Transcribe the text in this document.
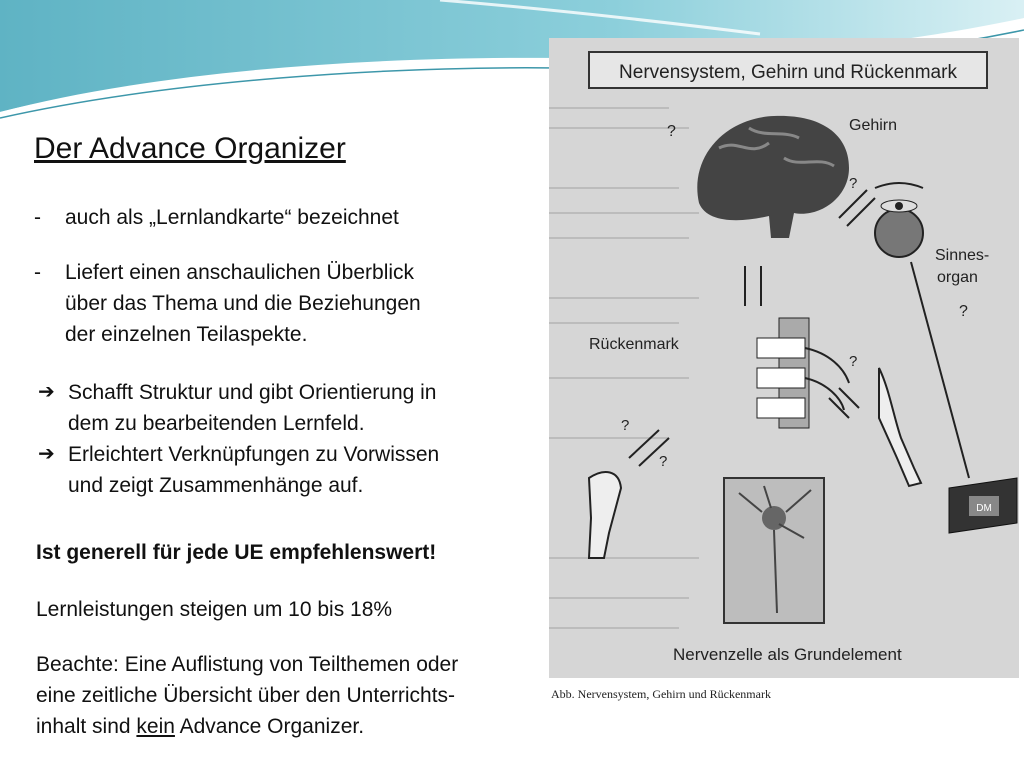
Der Advance Organizer
-	auch als „Lernlandkarte“ bezeichnet
-	Liefert einen anschaulichen Überblick
über das Thema und die Beziehungen
der einzelnen Teilaspekte.
➔ Schafft Struktur und gibt Orientierung in
dem zu bearbeitenden Lernfeld.
➔ Erleichtert Verknüpfungen zu Vorwissen
und zeigt Zusammenhänge auf.
Ist generell für jede UE empfehlenswert!
Lernleistungen steigen um 10 bis 18%
Beachte: Eine Auflistung von Teilthemen oder
eine zeitliche Übersicht über den Unterrichts-
inhalt sind kein Advance Organizer.
Nervensystem, Gehirn und Rückenmark
Gehirn
?
Sinnes-
organ
?
?
Rückenmark
?
?
?
DM
Nervenzelle als Grundelement
Abb. Nervensystem, Gehirn und Rückenmark
